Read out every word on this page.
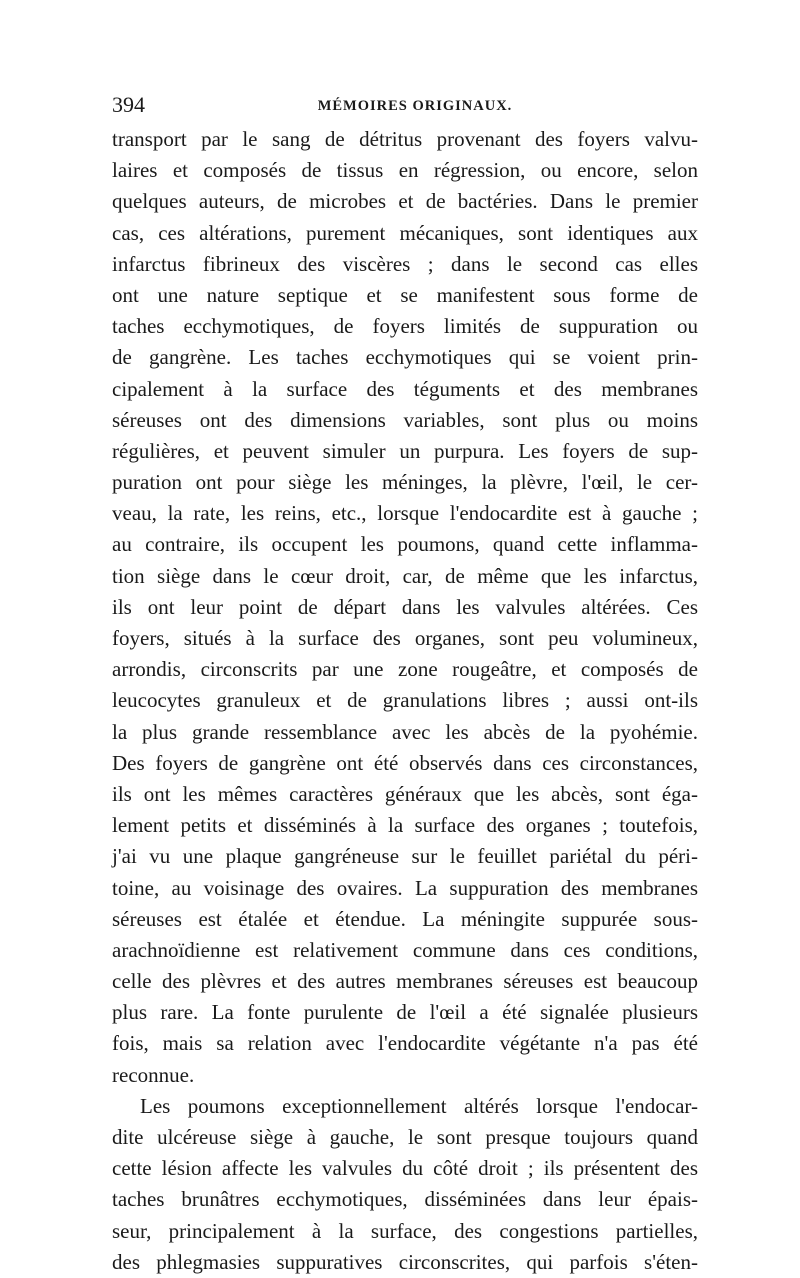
394	MÉMOIRES ORIGINAUX.
transport par le sang de détritus provenant des foyers valvu-
laires et composés de tissus en régression, ou encore, selon
quelques auteurs, de microbes et de bactéries. Dans le premier
cas, ces altérations, purement mécaniques, sont identiques aux
infarctus fibrineux des viscères ; dans le second cas elles
ont une nature septique et se manifestent sous forme de
taches ecchymotiques, de foyers limités de suppuration ou
de gangrène. Les taches ecchymotiques qui se voient prin-
cipalement à la surface des téguments et des membranes
séreuses ont des dimensions variables, sont plus ou moins
régulières, et peuvent simuler un purpura. Les foyers de sup-
puration ont pour siège les méninges, la plèvre, l'œil, le cer-
veau, la rate, les reins, etc., lorsque l'endocardite est à gauche ;
au contraire, ils occupent les poumons, quand cette inflamma-
tion siège dans le cœur droit, car, de même que les infarctus,
ils ont leur point de départ dans les valvules altérées. Ces
foyers, situés à la surface des organes, sont peu volumineux,
arrondis, circonscrits par une zone rougeâtre, et composés de
leucocytes granuleux et de granulations libres ; aussi ont-ils
la plus grande ressemblance avec les abcès de la pyohémie.
Des foyers de gangrène ont été observés dans ces circonstances,
ils ont les mêmes caractères généraux que les abcès, sont éga-
lement petits et disséminés à la surface des organes ; toutefois,
j'ai vu une plaque gangréneuse sur le feuillet pariétal du péri-
toine, au voisinage des ovaires. La suppuration des membranes
séreuses est étalée et étendue. La méningite suppurée sous-
arachnoïdienne est relativement commune dans ces conditions,
celle des plèvres et des autres membranes séreuses est beaucoup
plus rare. La fonte purulente de l'œil a été signalée plusieurs
fois, mais sa relation avec l'endocardite végétante n'a pas été
reconnue.
Les poumons exceptionnellement altérés lorsque l'endocar-
dite ulcéreuse siège à gauche, le sont presque toujours quand
cette lésion affecte les valvules du côté droit ; ils présentent des
taches brunâtres ecchymotiques, disséminées dans leur épais-
seur, principalement à la surface, des congestions partielles,
des phlegmasies suppuratives circonscrites, qui parfois s'éten-
